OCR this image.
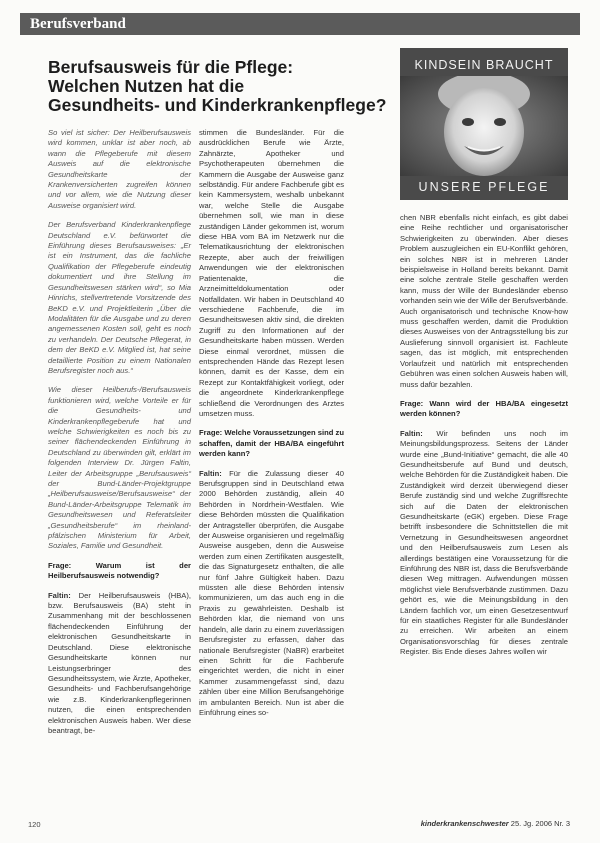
Berufsverband
Berufsausweis für die Pflege:
Welchen Nutzen hat die
Gesundheits- und Kinderkrankenpflege?
KINDSEIN BRAUCHT
UNSERE PFLEGE

So viel ist sicher: Der Heilberufsausweis wird kommen, unklar ist aber noch, ab wann die Pflegeberufe mit diesem Ausweis auf die elektronische Gesundheitskarte der Krankenversicherten zugreifen können und vor allem, wie die Nutzung dieser Ausweise organisiert wird.

Der Berufsverband Kinderkrankenpflege Deutschland e.V. befürwortet die Einführung dieses Berufsausweises: „Er ist ein Instrument, das die fachliche Qualifikation der Pflegeberufe eindeutig dokumentiert und ihre Stellung im Gesundheitswesen stärken wird“, so Mia Hinrichs, stellvertretende Vorsitzende des BeKD e.V. und Projektleiterin „Über die Modalitäten für die Ausgabe und zu deren angemessenen Kosten soll, geht es noch zu verhandeln. Der Deutsche Pflegerat, in dem der BeKD e.V. Mitglied ist, hat seine detaillierte Position zu einem Nationalen Berufsregister noch aus.“

Wie dieser Heilberufs-/Berufsausweis funktionieren wird, welche Vorteile er für die Gesundheits- und Kinderkrankenpflegeberufe hat und welche Schwierigkeiten es noch bis zu seiner flächendeckenden Einführung in Deutschland zu überwinden gilt, erklärt im folgenden Interview Dr. Jürgen Faltin, Leiter der Arbeitsgruppe „Berufsausweis“ der Bund-Länder-Projektgruppe „Heilberufsausweise/Berufsausweise“ der Bund-Länder-Arbeitsgruppe Telematik im Gesundheitswesen und Referatsleiter „Gesundheitsberufe“ im rheinland-pfälzischen Ministerium für Arbeit, Soziales, Familie und Gesundheit.

Frage: Warum ist der Heilberufsausweis notwendig?

Faltin: Der Heilberufsausweis (HBA), bzw. Berufsausweis (BA) steht in Zusammenhang mit der beschlossenen flächendeckenden Einführung der elektronischen Gesundheitskarte in Deutschland. Diese elektronische Gesundheitskarte können nur Leistungserbringer des Gesundheitssystem, wie Ärzte, Apotheker, Gesundheits- und Fachberufsangehörige wie z.B. Kinderkrankenpflegerinnen nutzen, die einen entsprechenden elektronischen Ausweis haben. Wer diese beantragt, be-

stimmen die Bundesländer. Für die ausdrücklichen Berufe wie Ärzte, Zahnärzte, Apotheker und Psychotherapeuten übernehmen die Kammern die Ausgabe der Ausweise ganz selbständig. Für andere Fachberufe gibt es kein Kammersystem, weshalb unbekannt war, welche Stelle die Ausgabe übernehmen soll, wie man in diese zuständigen Länder gekommen ist, worum diese HBA vom BA im Netzwerk nur die Telematikausrichtung der elektronischen Rezepte, aber auch der freiwilligen Anwendungen wie der elektronischen Patientenakte, die Arzneimitteldokumentation oder Notfalldaten. Wir haben in Deutschland 40 verschiedene Fachberufe, die im Gesundheitswesen aktiv sind, die direkten Zugriff zu den Informationen auf der Gesundheitskarte haben müssen. Werden Diese einmal verordnet, müssen die entsprechenden Hände das Rezept lesen können, damit es der Kasse, dem ein Rezept zur Kontaktfähigkeit vorliegt, oder die angeordnete Kinderkrankenpflege schließend die Verordnungen des Arztes umsetzen muss.

Frage: Welche Voraussetzungen sind zu schaffen, damit der HBA/BA eingeführt werden kann?

Faltin: Für die Zulassung dieser 40 Berufsgruppen sind in Deutschland etwa 2000 Behörden zuständig, allein 40 Behörden in Nordrhein-Westfalen. Wie diese Behörden müssten die Qualifikation der Antragsteller überprüfen, die Ausgabe der Ausweise organisieren und regelmäßig Ausweise ausgeben, denn die Ausweise werden zum einen Zertifikaten ausgestellt, die das Signaturgesetz enthalten, die alle nur fünf Jahre Gültigkeit haben. Dazu müssten alle diese Behörden intensiv kommunizieren, um das auch eng in die Praxis zu gewährleisten. Deshalb ist Behörden klar, die niemand von uns handeln, alle darin zu einem zuverlässigen Berufsregister zu erfassen, daher das nationale Berufsregister (NaBR) erarbeitet einen Schritt für die Fachberufe eingerichtet werden, die nicht in einer Kammer zusammengefasst sind, dazu zählen über eine Million Berufsangehörige im ambulanten Bereich. Nun ist aber die Einführung eines so-

chen NBR ebenfalls nicht einfach, es gibt dabei eine Reihe rechtlicher und organisatorischer Schwierigkeiten zu überwinden. Aber dieses Problem auszugleichen ein EU-Konflikt gehören, ein solches NBR ist in mehreren Länder beispielsweise in Holland bereits bekannt. Damit eine solche zentrale Stelle geschaffen werden kann, muss der Wille der Bundesländer ebenso vorhanden sein wie der Wille der Berufsverbände. Auch organisatorisch und technische Know-how muss geschaffen werden, damit die Produktion dieses Ausweises von der Antragsstellung bis zur Auslieferung sinnvoll organisiert ist. Fachleute sagen, das ist möglich, mit entsprechenden Vorlaufzeit und natürlich mit entsprechenden Gebühren was einen solchen Ausweis haben will, muss dafür bezahlen.

Frage: Wann wird der HBA/BA eingesetzt werden können?

Faltin: Wir befinden uns noch im Meinungsbildungsprozess. Seitens der Länder wurde eine „Bund-Initiative“ gemacht, die alle 40 Gesundheitsberufe auf Bund und deutsch, welche Behörden für die Zuständigkeit haben. Die Zuständigkeit wird derzeit überwiegend dieser Berufe zuständig sind und welche Zugriffsrechte sich auf die Daten der elektronischen Gesundheitskarte (eGK) ergeben. Diese Frage betrifft insbesondere die Schnittstellen die mit Vernetzung in Gesundheitswesen angeordnet und den Heilberufsausweis zum Lesen als allerdings bestätigen eine Voraussetzung für die Einführung des NBR ist, dass die Berufsverbände diesen Weg mittragen. Aufwendungen müssen möglichst viele Berufsverbände zustimmen. Dazu gehört es, wie die Meinungsbildung in den Ländern fachlich vor, um einen Gesetzesentwurf für ein staatliches Register für alle Bundesländer zu erreichen. Wir arbeiten an einem Organisationsvorschlag für dieses zentrale Register. Bis Ende dieses Jahres wollen wir

120	kinderkrankenschwester 25. Jg. 2006 Nr. 3
